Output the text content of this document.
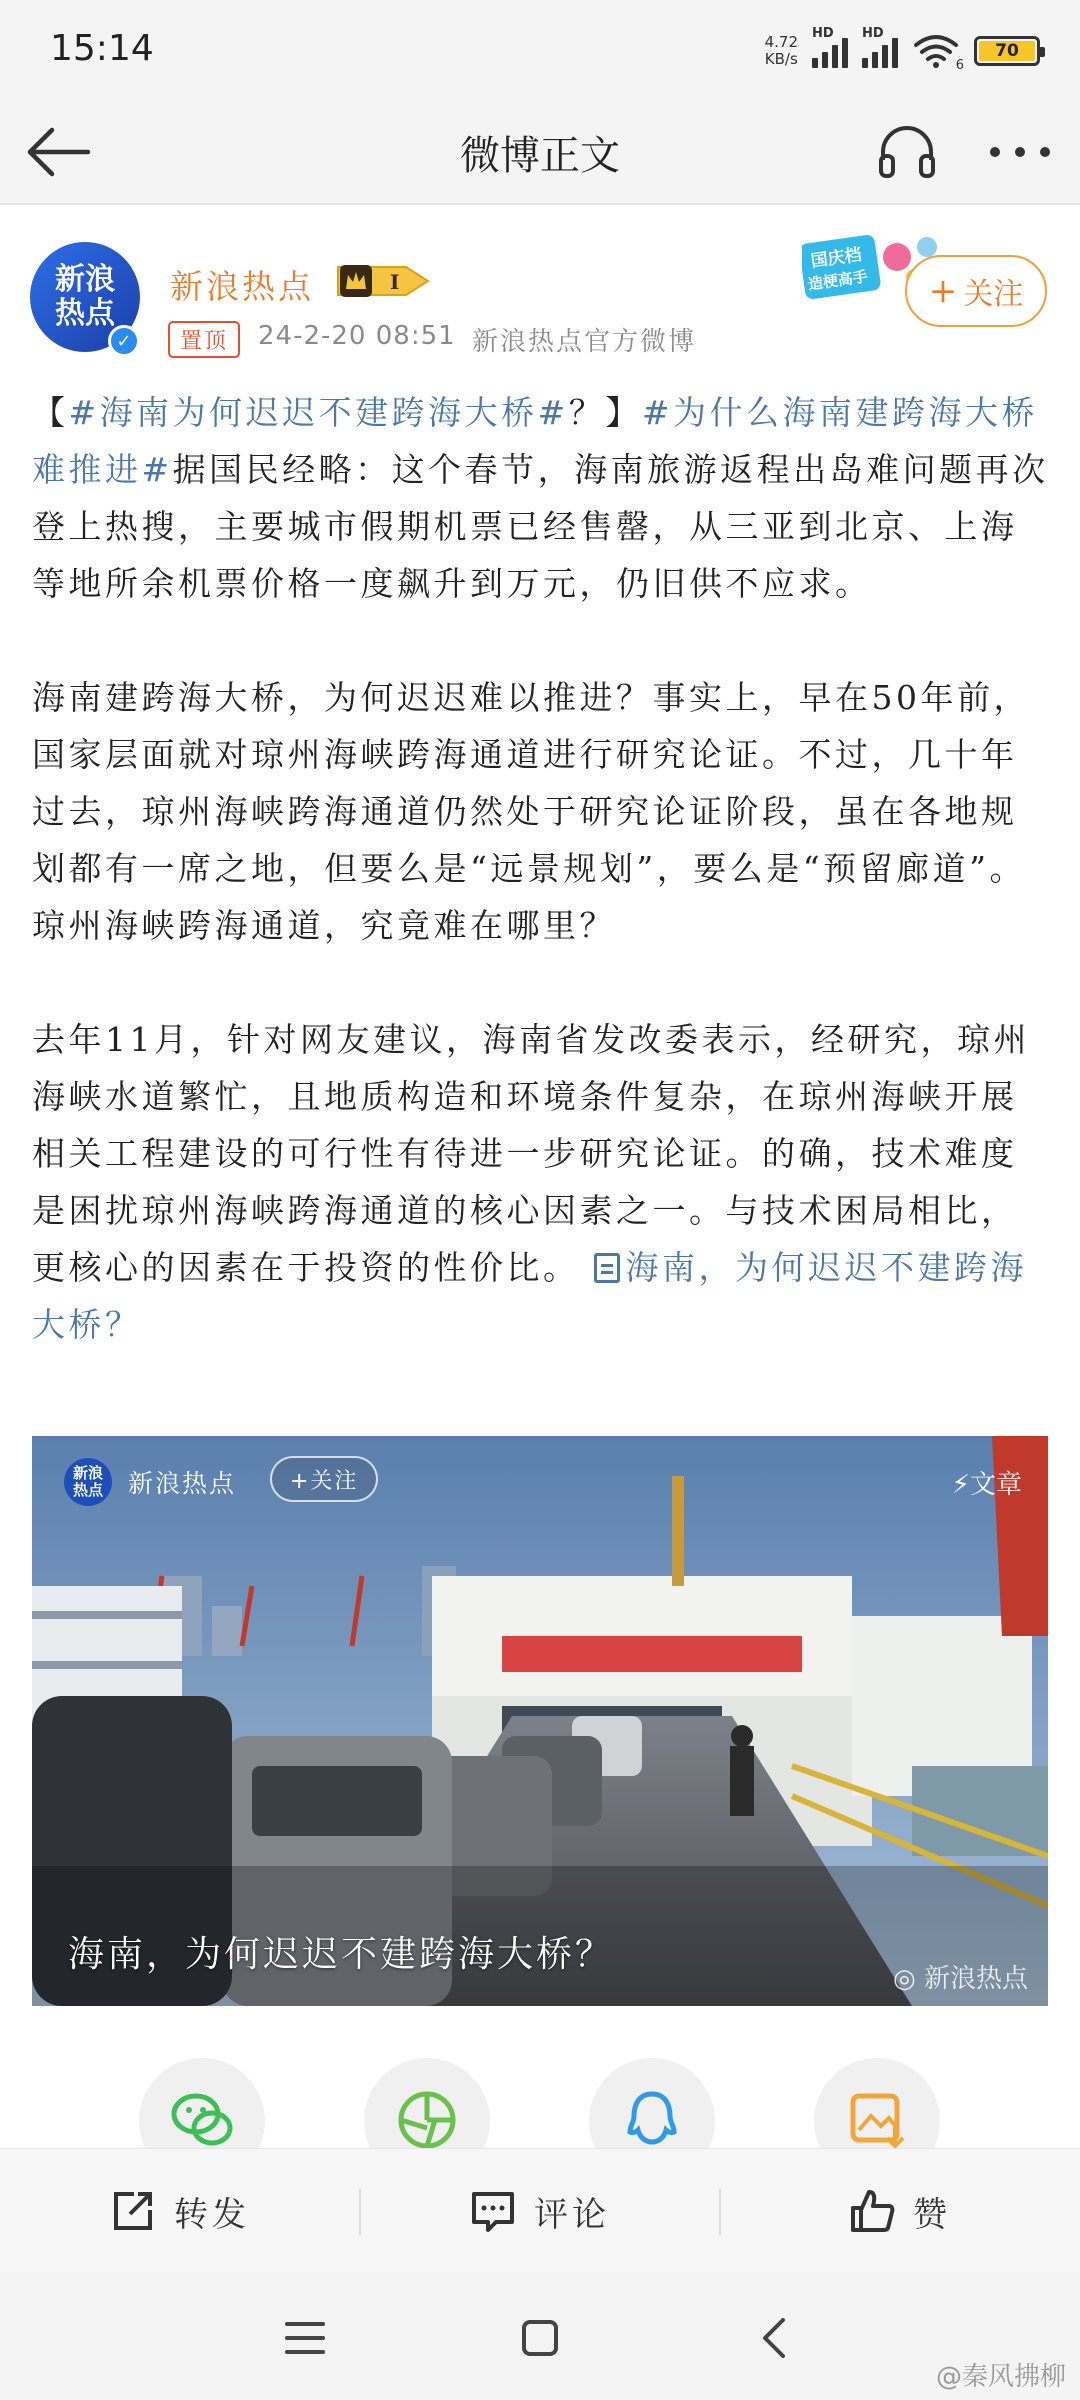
15:14	4.72
KB/s
HD HD
6
70
微博正文
新浪
热点
✓
新浪热点	I
置顶	24-2-20 08:51 新浪热点官方微博
国庆档
造梗高手 + 关注

【#海南为何迟迟不建跨海大桥#？】#为什么海南建跨海大桥难推进#据国民经略：这个春节，海南旅游返程出岛难问题再次登上热搜，主要城市假期机票已经售罄，从三亚到北京、上海等地所余机票价格一度飙升到万元，仍旧供不应求。

海南建跨海大桥，为何迟迟难以推进？事实上，早在50年前，国家层面就对琼州海峡跨海通道进行研究论证。不过，几十年过去，琼州海峡跨海通道仍然处于研究论证阶段，虽在各地规划都有一席之地，但要么是“远景规划”，要么是“预留廊道”。琼州海峡跨海通道，究竟难在哪里？

去年11月，针对网友建议，海南省发改委表示，经研究，琼州海峡水道繁忙，且地质构造和环境条件复杂，在琼州海峡开展相关工程建设的可行性有待进一步研究论证。的确，技术难度是困扰琼州海峡跨海通道的核心因素之一。与技术困局相比，更核心的因素在于投资的性价比。 海南，为何迟迟不建跨海大桥？

新浪
热点 新浪热点	+关注	⚡文章
海南，为何迟迟不建跨海大桥？
◎ 新浪热点
转发	评论	赞
@秦风拂柳
